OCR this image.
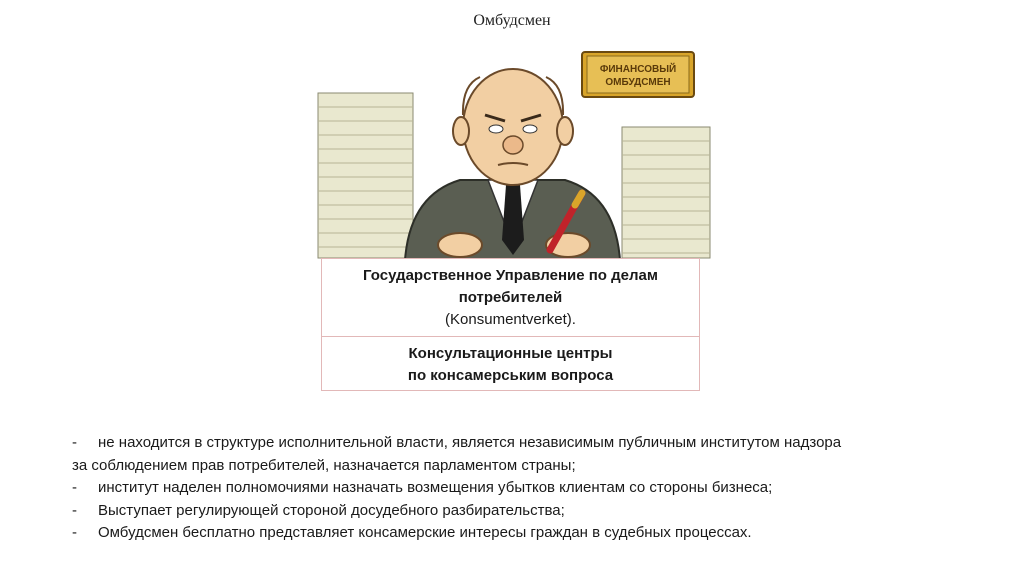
Омбудсмен
ФИНАНСОВЫЙ
ОМБУДСМЕН
Государственное Управление по делам
потребителей
(Konsumentverket).
Консультационные центры
по консамерським вопроса
- не находится в структуре исполнительной власти, является независимым публичным институтом надзора
за соблюдением прав потребителей, назначается парламентом страны;
- институт наделен полномочиями назначать возмещения убытков клиентам со стороны бизнеса;
- Выступает регулирующей стороной досудебного разбирательства;
- Омбудсмен бесплатно представляет консамерские интересы граждан в судебных процессах.
